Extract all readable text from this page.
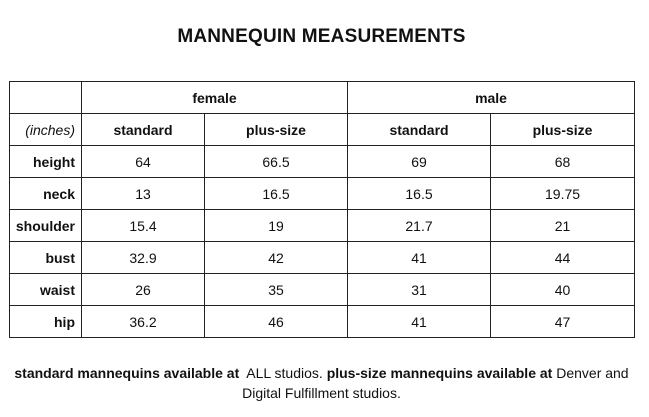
MANNEQUIN MEASUREMENTS
	female		male	
(inches)	standard	plus-size	standard	plus-size
height	64	66.5	69	68
neck	13	16.5	16.5	19.75
shoulder	15.4	19	21.7	21
bust	32.9	42	41	44
waist	26	35	31	40
hip	36.2	46	41	47
standard mannequins available at ALL studios. plus-size mannequins available at Denver and Digital Fulfillment studios.
